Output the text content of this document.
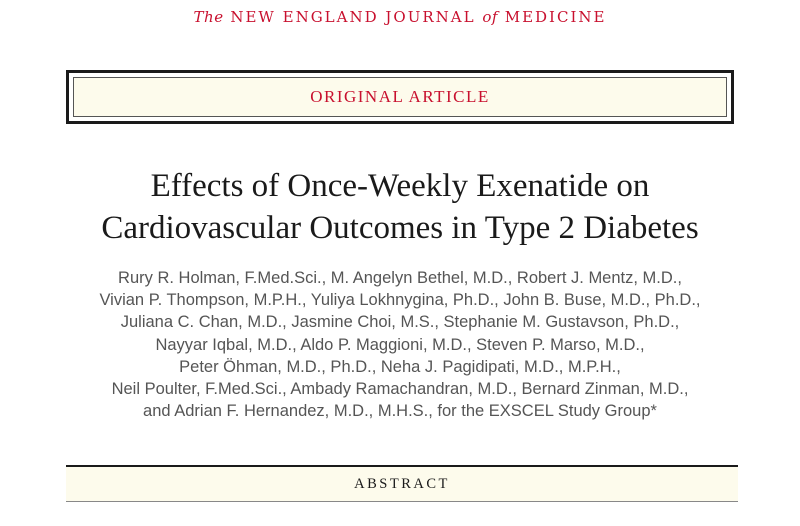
The NEW ENGLAND JOURNAL of MEDICINE
ORIGINAL ARTICLE
Effects of Once-Weekly Exenatide on
Cardiovascular Outcomes in Type 2 Diabetes
Rury R. Holman, F.Med.Sci., M. Angelyn Bethel, M.D., Robert J. Mentz, M.D.,
Vivian P. Thompson, M.P.H., Yuliya Lokhnygina, Ph.D., John B. Buse, M.D., Ph.D.,
Juliana C. Chan, M.D., Jasmine Choi, M.S., Stephanie M. Gustavson, Ph.D.,
Nayyar Iqbal, M.D., Aldo P. Maggioni, M.D., Steven P. Marso, M.D.,
Peter Öhman, M.D., Ph.D., Neha J. Pagidipati, M.D., M.P.H.,
Neil Poulter, F.Med.Sci., Ambady Ramachandran, M.D., Bernard Zinman, M.D.,
and Adrian F. Hernandez, M.D., M.H.S., for the EXSCEL Study Group*
ABSTRACT
